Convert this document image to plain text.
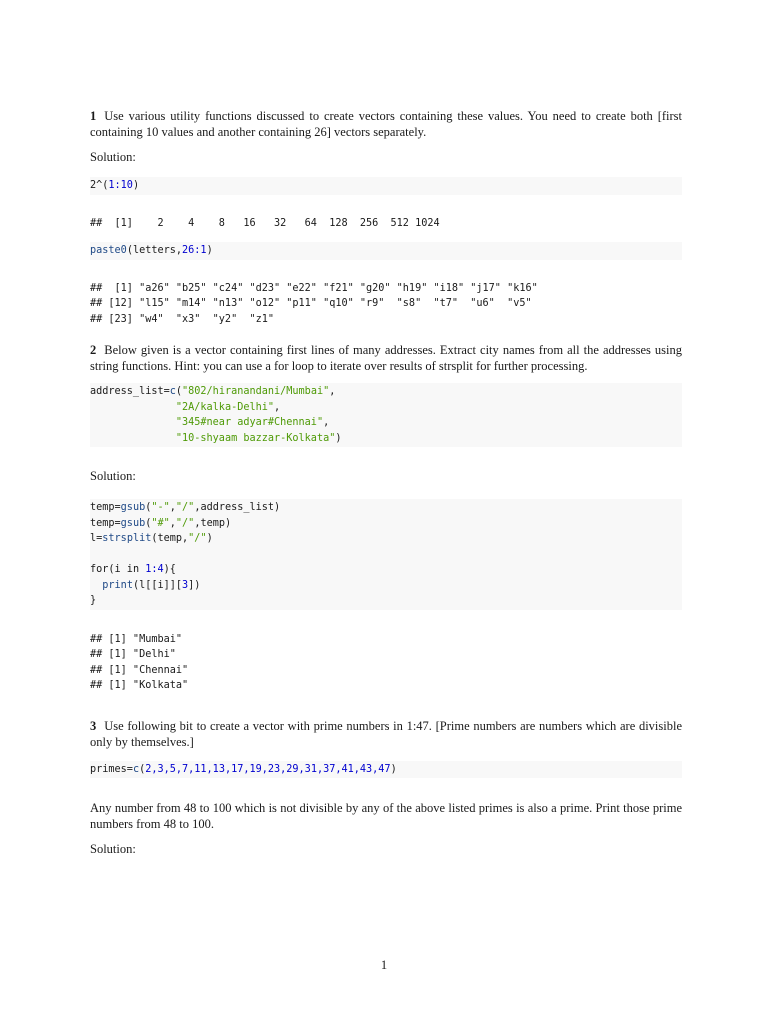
1 Use various utility functions discussed to create vectors containing these values. You need to create both [first containing 10 values and another containing 26] vectors separately.

Solution:

2^(1:10)
##  [1]    2    4    8   16   32   64  128  256  512 1024
paste0(letters,26:1)
##  [1] "a26" "b25" "c24" "d23" "e22" "f21" "g20" "h19" "i18" "j17" "k16"
## [12] "l15" "m14" "n13" "o12" "p11" "q10" "r9"  "s8"  "t7"  "u6"  "v5"
## [23] "w4"  "x3"  "y2"  "z1"

2 Below given is a vector containing first lines of many addresses. Extract city names from all the addresses using string functions. Hint: you can use a for loop to iterate over results of strsplit for further processing.

address_list=c("802/hiranandani/Mumbai",
"2A/kalka-Delhi",
"345#near adyar#Chennai",
"10-shyaam bazzar-Kolkata")

Solution:

temp=gsub("-","/",address_list)
temp=gsub("#","/",temp)
l=strsplit(temp,"/")

for(i in 1:4){
print(l[[i]][3])
}
## [1] "Mumbai"
## [1] "Delhi"
## [1] "Chennai"
## [1] "Kolkata"

3 Use following bit to create a vector with prime numbers in 1:47. [Prime numbers are numbers which are divisible only by themselves.]

primes=c(2,3,5,7,11,13,17,19,23,29,31,37,41,43,47)

Any number from 48 to 100 which is not divisible by any of the above listed primes is also a prime. Print those prime numbers from 48 to 100.

Solution:

1
